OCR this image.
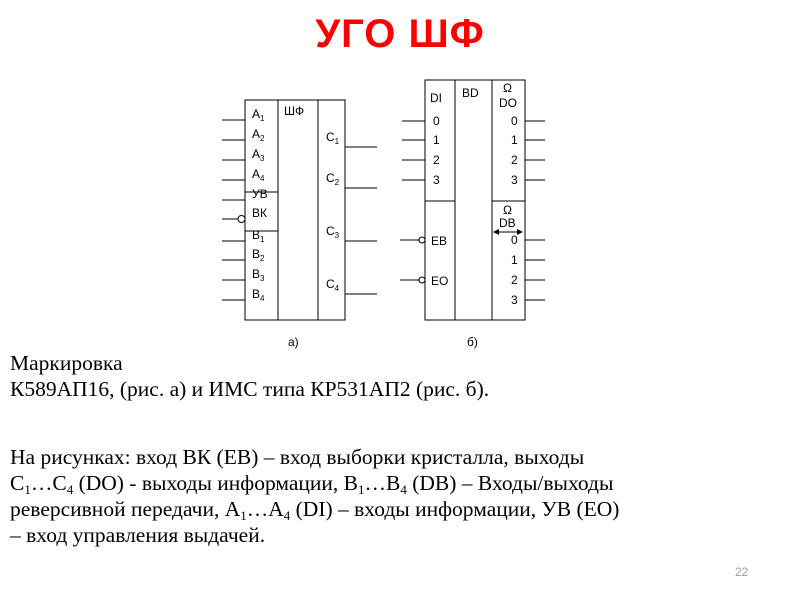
УГО ШФ
$A_1$
$A_2$
$A_3$
$A_4$
УВ
ВК
$B_1$
$B_2$
$B_3$
$B_4$
$C_1$
$C_2$
$C_3$
$C_4$
ШФ
а)
0
1
2
3
0
1
2
3
0
1
2
3
DI BD Ω
DO
Ω
DB
EB
EO
б)

Маркировка

К589АП16, (рис. а) и ИМС типа КР531АП2 (рис. б).

На рисунках: вход ВК (ЕВ) – вход выборки кристалла, выходы

$С_1\dots С_4$ (DO) - выходы информации, $В_1\dots В_4$ (DB) – Входы/выходы

реверсивной передачи, $А_1\dots А_4$ (DI) – входы информации, УВ (ЕО)

– вход управления выдачей.

22
